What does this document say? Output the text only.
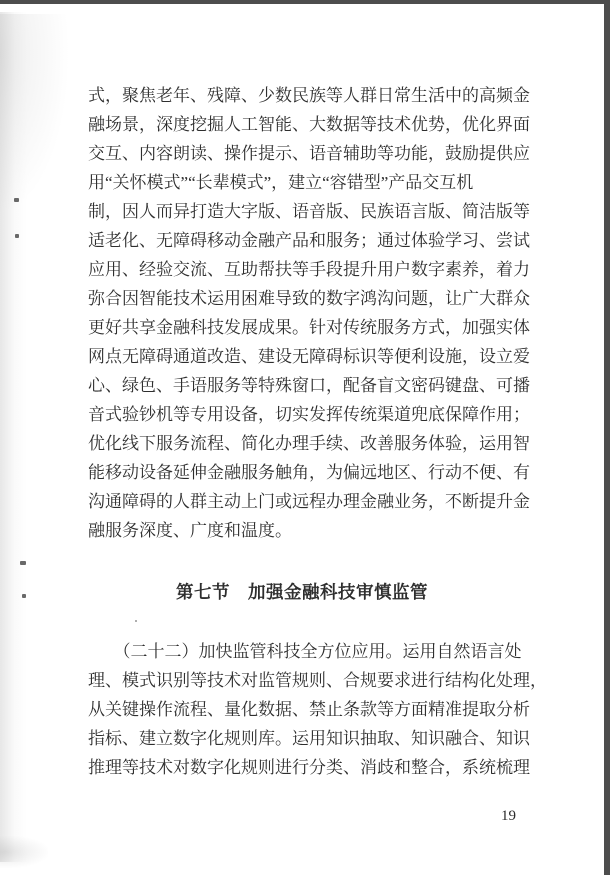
式，聚焦老年、残障、少数民族等人群日常生活中的高频金
融场景，深度挖掘人工智能、大数据等技术优势，优化界面
交互、内容朗读、操作提示、语音辅助等功能，鼓励提供应
用“关怀模式”“长辈模式”，建立“容错型”产品交互机
制，因人而异打造大字版、语音版、民族语言版、简洁版等
适老化、无障碍移动金融产品和服务；通过体验学习、尝试
应用、经验交流、互助帮扶等手段提升用户数字素养，着力
弥合因智能技术运用困难导致的数字鸿沟问题，让广大群众
更好共享金融科技发展成果。针对传统服务方式，加强实体
网点无障碍通道改造、建设无障碍标识等便利设施，设立爱
心、绿色、手语服务等特殊窗口，配备盲文密码键盘、可播
音式验钞机等专用设备，切实发挥传统渠道兜底保障作用；
优化线下服务流程、简化办理手续、改善服务体验，运用智
能移动设备延伸金融服务触角，为偏远地区、行动不便、有
沟通障碍的人群主动上门或远程办理金融业务，不断提升金
融服务深度、广度和温度。
第七节　加强金融科技审慎监管
　　（二十二）加快监管科技全方位应用。运用自然语言处
理、模式识别等技术对监管规则、合规要求进行结构化处理，
从关键操作流程、量化数据、禁止条款等方面精准提取分析
指标、建立数字化规则库。运用知识抽取、知识融合、知识
推理等技术对数字化规则进行分类、消歧和整合，系统梳理
19
